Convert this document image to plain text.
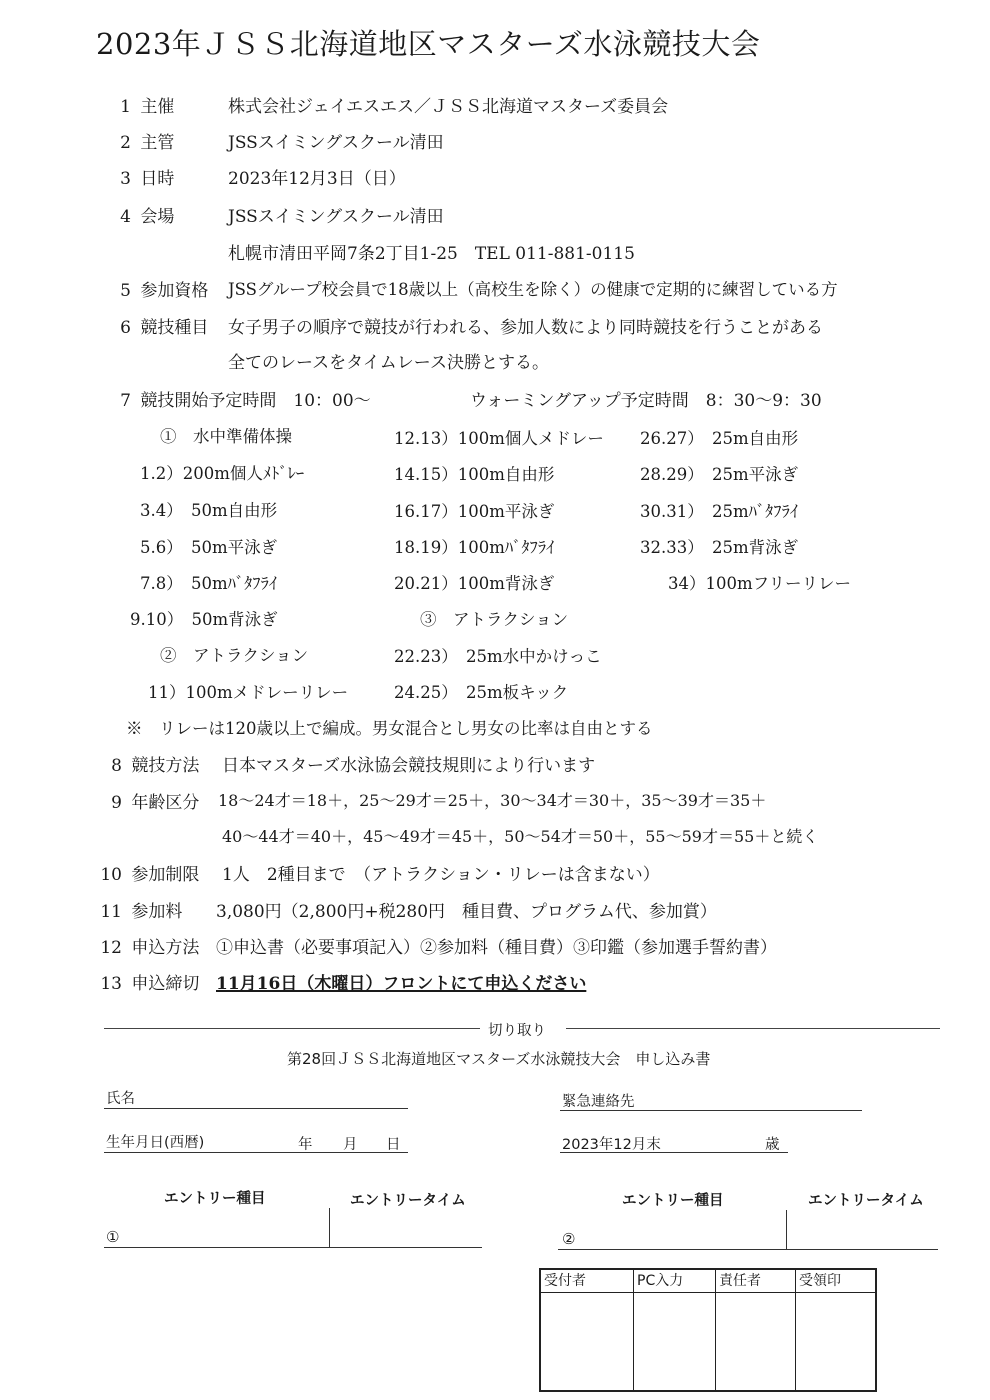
2023年ＪＳＳ北海道地区マスターズ水泳競技大会
1 主催	株式会社ジェイエスエス／ＪＳＳ北海道マスターズ委員会
2 主管	JSSスイミングスクール清田
3 日時	2023年12月3日（日）
4 会場	JSSスイミングスクール清田
札幌市清田平岡7条2丁目1-25　TEL 011-881-0115
5 参加資格 JSSグループ校会員で18歳以上（高校生を除く）の健康で定期的に練習している方
6 競技種目 女子男子の順序で競技が行われる、参加人数により同時競技を行うことがある
全てのレースをタイムレース決勝とする。
7 競技開始予定時間　10：00～	ウォーミングアップ予定時間　8：30～9：30
①　水中準備体操
1.2）200m個人ﾒﾄﾞﾚｰ
3.4）　50m自由形
5.6）　50m平泳ぎ
7.8）　50mﾊﾞﾀﾌﾗｲ
9.10）　50m背泳ぎ
②　アトラクション
11）100mメドレーリレー
12.13）100m個人メドレー
14.15）100m自由形
16.17）100m平泳ぎ
18.19）100mﾊﾞﾀﾌﾗｲ
20.21）100m背泳ぎ
③　アトラクション
22.23）　25m水中かけっこ
24.25）　25m板キック
26.27）　25m自由形
28.29）　25m平泳ぎ
30.31）　25mﾊﾞﾀﾌﾗｲ
32.33）　25m背泳ぎ
34）100mフリーリレー
※　リレーは120歳以上で編成。男女混合とし男女の比率は自由とする
8 競技方法 日本マスターズ水泳協会競技規則により行います
9 年齢区分 18～24才＝18＋，25～29才＝25＋，30～34才＝30＋，35～39才＝35＋
40～44才＝40＋，45～49才＝45＋，50～54才＝50＋，55～59才＝55＋と続く
10 参加制限 1人　2種目まで　（アトラクション・リレーは含まない）
11 参加料 3,080円（2,800円+税280円　種目費、プログラム代、参加賞）
12 申込方法 ①申込書（必要事項記入）②参加料（種目費）③印鑑（参加選手誓約書）
13 申込締切 11月16日（木曜日）フロントにて申込ください
切り取り
第28回ＪＳＳ北海道地区マスターズ水泳競技大会　申し込み書
氏名	緊急連絡先
生年月日(西暦)	年 月 日	2023年12月末	歳
エントリー種目	エントリータイム
①
エントリー種目	エントリータイム
②
受付者	PC入力	責任者	受領印
